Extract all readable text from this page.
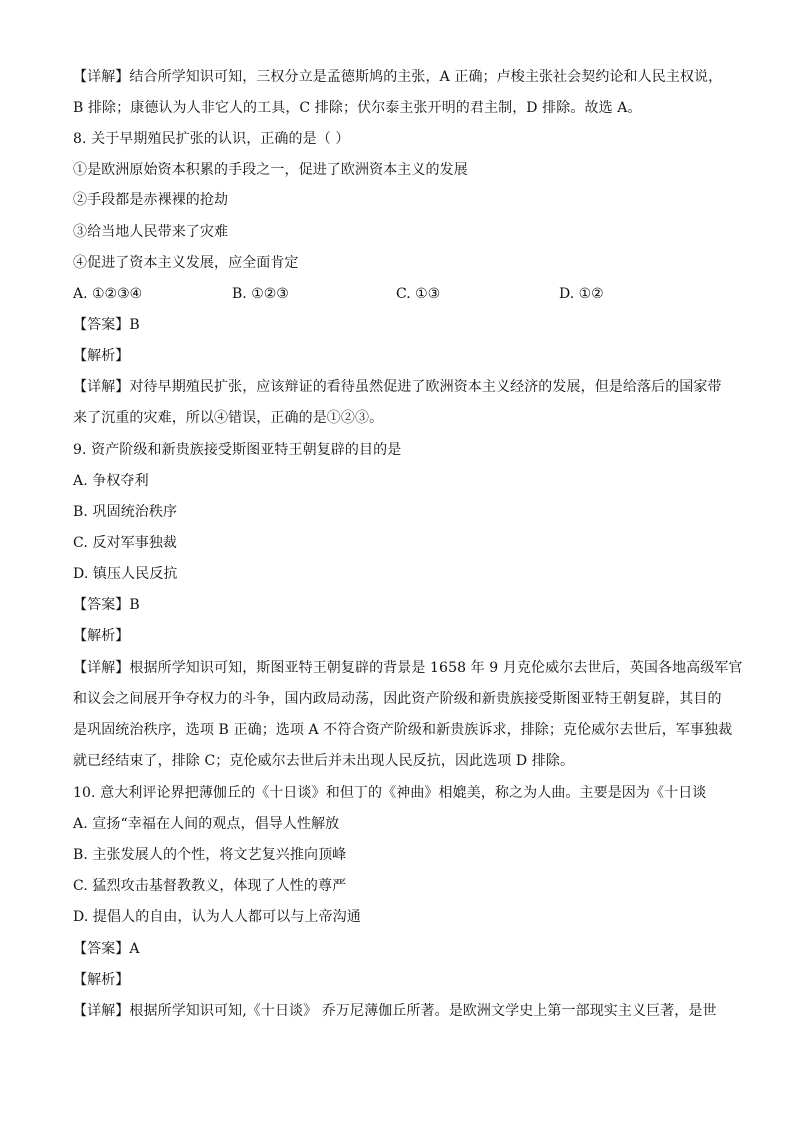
【详解】结合所学知识可知，三权分立是孟德斯鸠的主张，A 正确；卢梭主张社会契约论和人民主权说，
B 排除；康德认为人非它人的工具，C 排除；伏尔泰主张开明的君主制，D 排除。故选 A。
8. 关于早期殖民扩张的认识，正确的是（ ）
①是欧洲原始资本积累的手段之一，促进了欧洲资本主义的发展
②手段都是赤裸裸的抢劫
③给当地人民带来了灾难
④促进了资本主义发展，应全面肯定
A. ①②③④	B. ①②③	C. ①③	D. ①②
【答案】B
【解析】
【详解】对待早期殖民扩张，应该辩证的看待虽然促进了欧洲资本主义经济的发展，但是给落后的国家带
来了沉重的灾难，所以④错误，正确的是①②③。
9. 资产阶级和新贵族接受斯图亚特王朝复辟的目的是
A. 争权夺利
B. 巩固统治秩序
C. 反对军事独裁
D. 镇压人民反抗
【答案】B
【解析】
【详解】根据所学知识可知，斯图亚特王朝复辟的背景是 1658 年 9 月克伦威尔去世后，英国各地高级军官
和议会之间展开争夺权力的斗争，国内政局动荡，因此资产阶级和新贵族接受斯图亚特王朝复辟，其目的
是巩固统治秩序，选项 B 正确；选项 A 不符合资产阶级和新贵族诉求，排除；克伦威尔去世后，军事独裁
就已经结束了，排除 C；克伦威尔去世后并未出现人民反抗，因此选项 D 排除。
10. 意大利评论界把薄伽丘的《十日谈》和但丁的《神曲》相媲美，称之为人曲。主要是因为《十日谈
A. 宣扬“幸福在人间的观点，倡导人性解放
B. 主张发展人的个性，将文艺复兴推向顶峰
C. 猛烈攻击基督教教义，体现了人性的尊严
D. 提倡人的自由，认为人人都可以与上帝沟通
【答案】A
【解析】
【详解】根据所学知识可知,《十日谈》 乔万尼薄伽丘所著。是欧洲文学史上第一部现实主义巨著，是世
